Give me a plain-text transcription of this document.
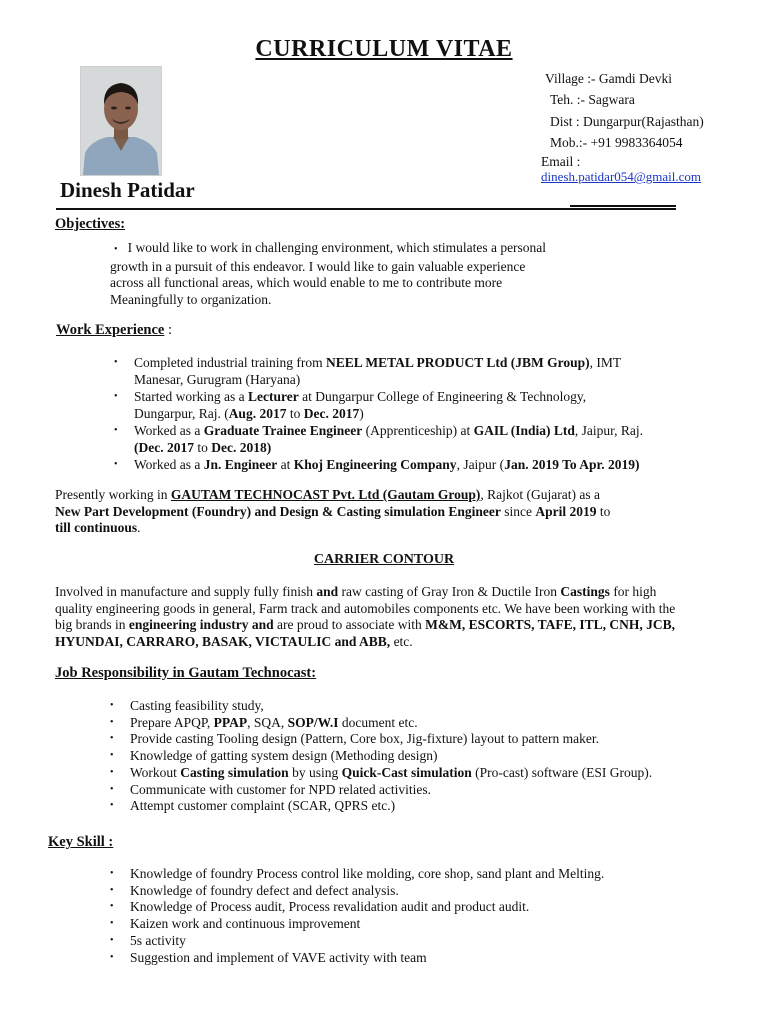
CURRICULUM VITAE
Dinesh Patidar
Village :- Gamdi Devki
Teh. :- Sagwara
Dist : Dungarpur(Rajasthan)
Mob.:- +91 9983364054
Email :
dinesh.patidar054@gmail.com
Objectives:
• I would like to work in challenging environment, which stimulates a personal
growth in a pursuit of this endeavor. I would like to gain valuable experience
across all functional areas, which would enable to me to contribute more
Meaningfully to organization.
Work Experience :
• Completed industrial training from NEEL METAL PRODUCT Ltd (JBM Group), IMT
Manesar, Gurugram (Haryana)
• Started working as a Lecturer at Dungarpur College of Engineering & Technology,
Dungarpur, Raj. (Aug. 2017 to Dec. 2017)
• Worked as a Graduate Trainee Engineer (Apprenticeship) at GAIL (India) Ltd, Jaipur, Raj.
(Dec. 2017 to Dec. 2018)
• Worked as a Jn. Engineer at Khoj Engineering Company, Jaipur (Jan. 2019 To Apr. 2019)
Presently working in GAUTAM TECHNOCAST Pvt. Ltd (Gautam Group), Rajkot (Gujarat) as a
New Part Development (Foundry) and Design & Casting simulation Engineer since April 2019 to
till continuous.
CARRIER CONTOUR
Involved in manufacture and supply fully finish and raw casting of Gray Iron & Ductile Iron Castings for high quality engineering goods in general, Farm track and automobiles components etc. We have been working with the big brands in engineering industry and are proud to associate with M&M, ESCORTS, TAFE, ITL, CNH, JCB, HYUNDAI, CARRARO, BASAK, VICTAULIC and ABB, etc.
Job Responsibility in Gautam Technocast:
• Casting feasibility study,
• Prepare APQP, PPAP, SQA, SOP/W.I document etc.
• Provide casting Tooling design (Pattern, Core box, Jig-fixture) layout to pattern maker.
• Knowledge of gatting system design (Methoding design)
• Workout Casting simulation by using Quick-Cast simulation (Pro-cast) software (ESI Group).
• Communicate with customer for NPD related activities.
• Attempt customer complaint (SCAR, QPRS etc.)
Key Skill :
• Knowledge of foundry Process control like molding, core shop, sand plant and Melting.
• Knowledge of foundry defect and defect analysis.
• Knowledge of Process audit, Process revalidation audit and product audit.
• Kaizen work and continuous improvement
• 5s activity
• Suggestion and implement of VAVE activity with team
